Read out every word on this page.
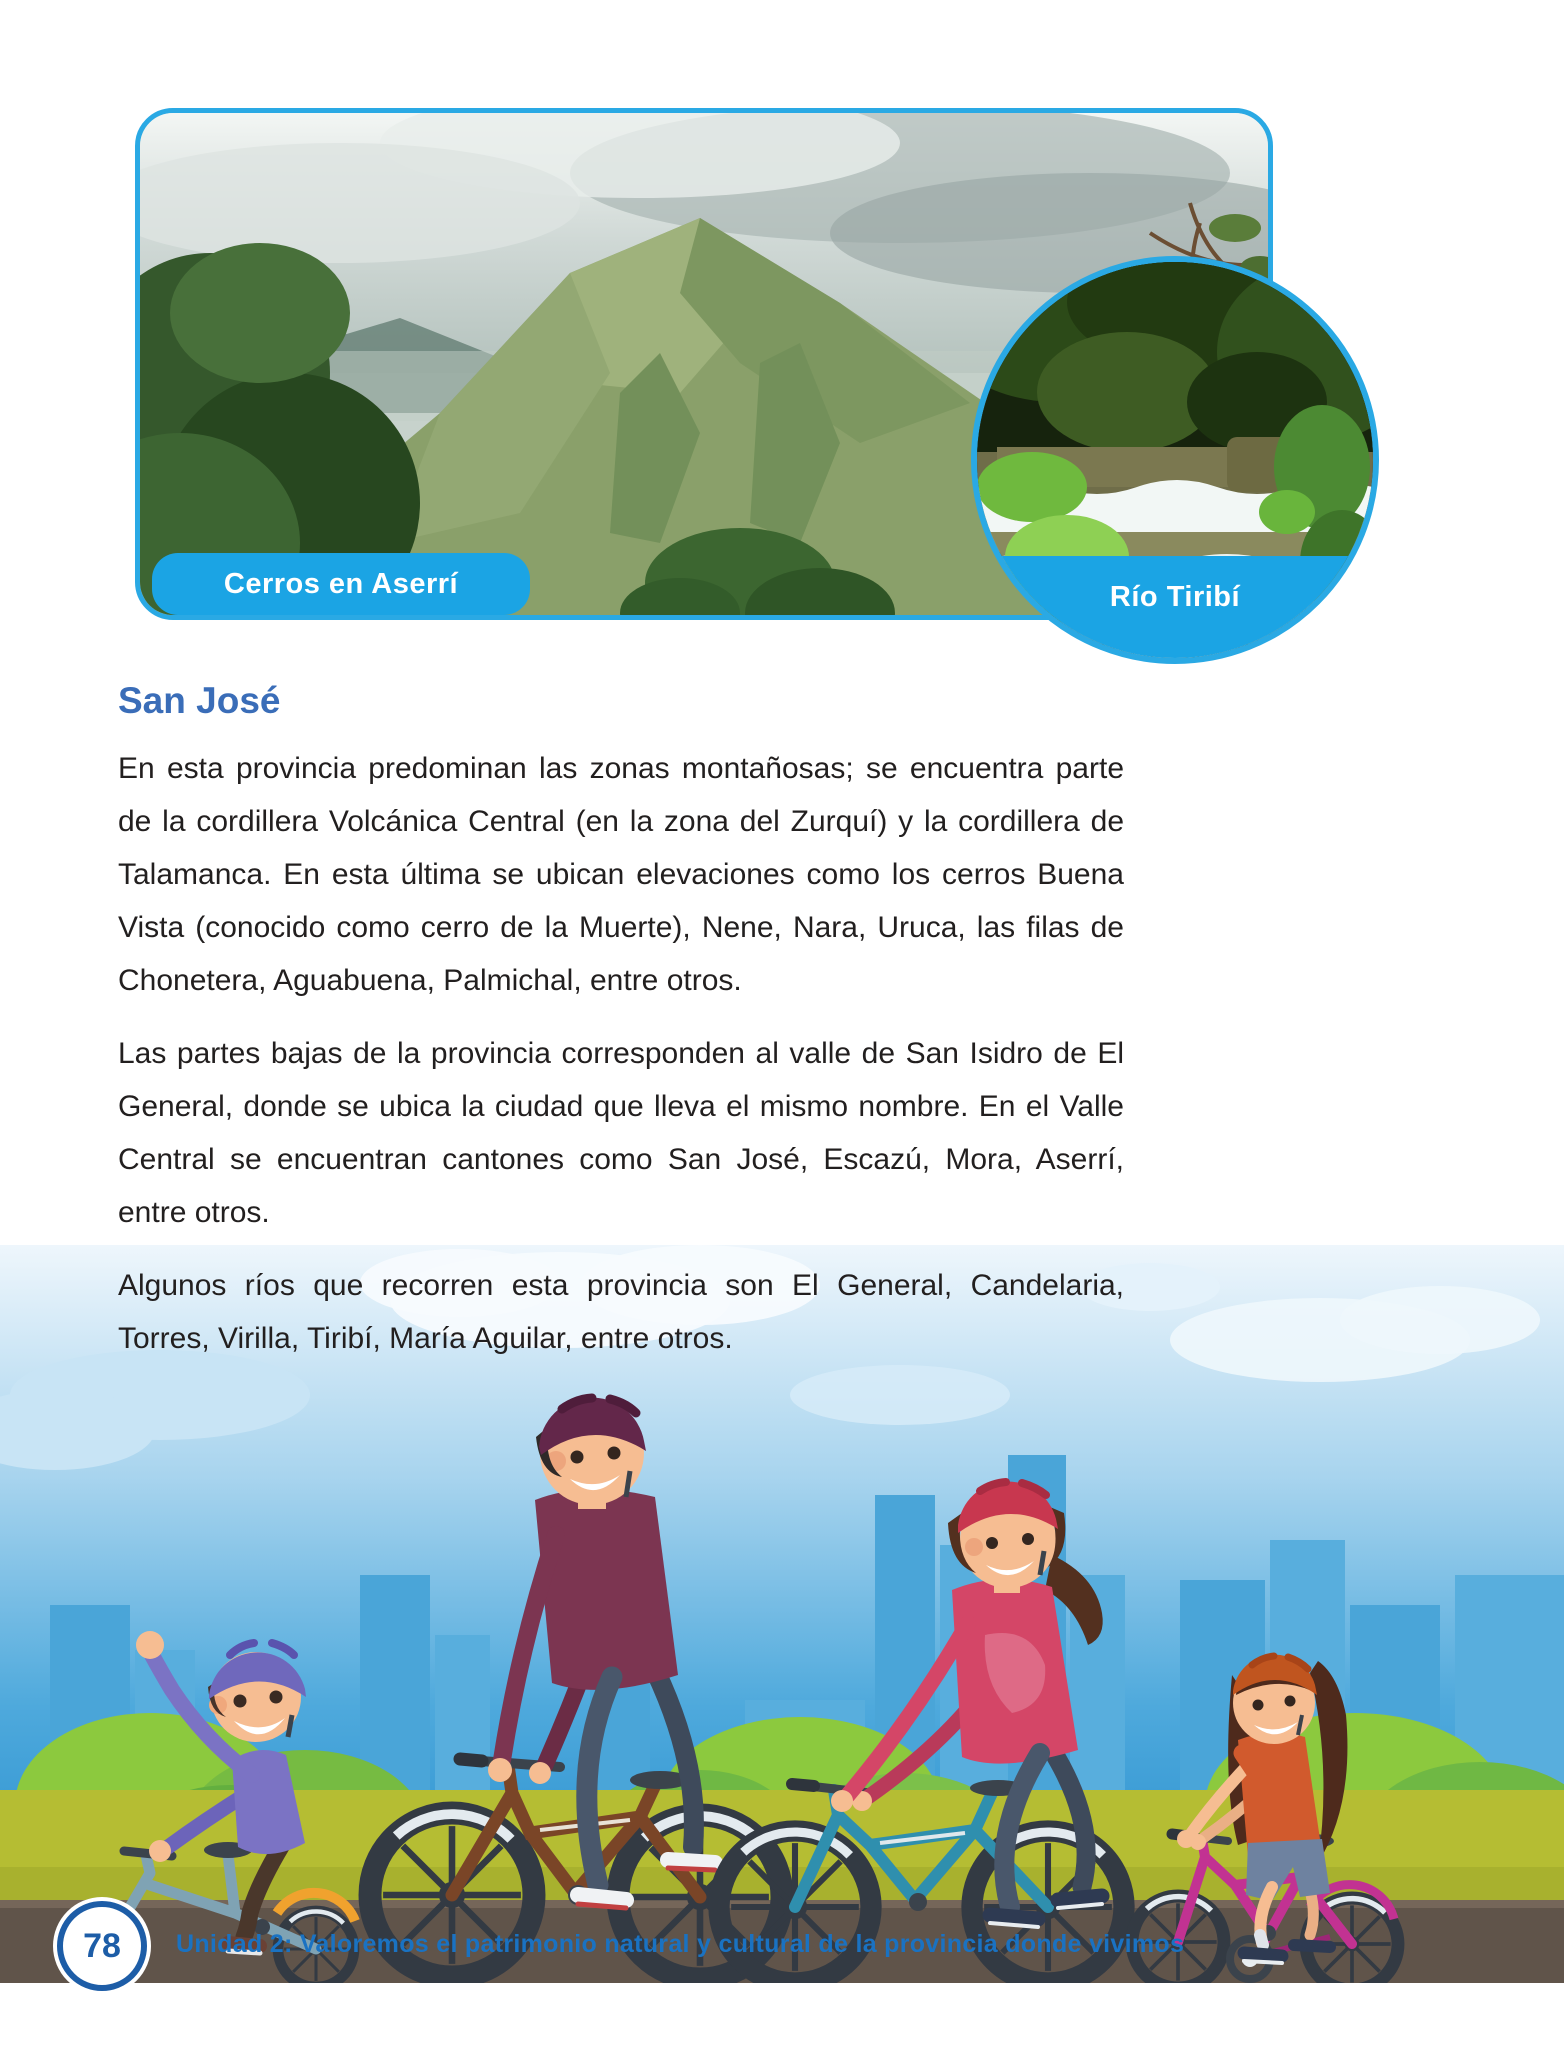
Cerros en Aserrí	Río Tiribí
San José

En esta provincia predominan las zonas montañosas; se encuentra parte de la cordillera Volcánica Central (en la zona del Zurquí) y la cordillera de Talamanca. En esta última se ubican elevaciones como los cerros Buena Vista (conocido como cerro de la Muerte), Nene, Nara, Uruca, las filas de Chonetera, Aguabuena, Palmichal, entre otros.

Las partes bajas de la provincia corresponden al valle de San Isidro de El General, donde se ubica la ciudad que lleva el mismo nombre. En el Valle Central se encuentran cantones como San José, Escazú, Mora, Aserrí, entre otros.

Algunos ríos que recorren esta provincia son El General, Candelaria, Torres, Virilla, Tiribí, María Aguilar, entre otros.

78	Unidad 2: Valoremos el patrimonio natural y cultural de la provincia donde vivimos
